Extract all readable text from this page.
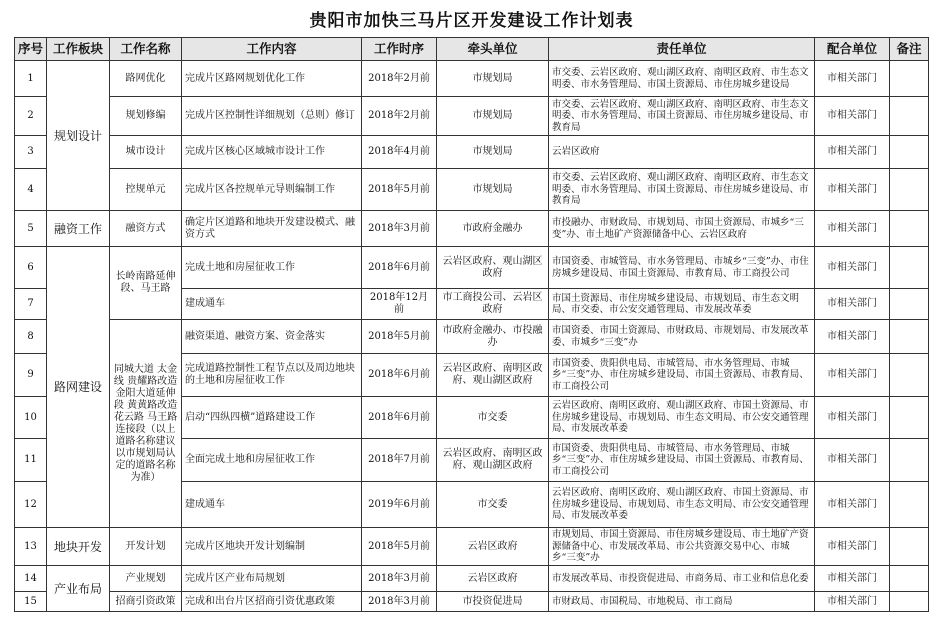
贵阳市加快三马片区开发建设工作计划表
序号	工作板块	工作名称	工作内容	工作时序	牵头单位	责任单位	配合单位	备注
1	规划设计	路网优化	完成片区路网规划优化工作	2018年2月前	市规划局	市交委、云岩区政府、观山湖区政府、南明区政府、市生态文明委、市水务管理局、市国土资源局、市住房城乡建设局	市相关部门	
2		规划修编	完成片区控制性详细规划（总则）修订	2018年2月前	市规划局	市交委、云岩区政府、观山湖区政府、南明区政府、市生态文明委、市水务管理局、市国土资源局、市住房城乡建设局、市教育局	市相关部门	
3		城市设计	完成片区核心区域城市设计工作	2018年4月前	市规划局	云岩区政府	市相关部门	
4		控规单元	完成片区各控规单元导则编制工作	2018年5月前	市规划局	市交委、云岩区政府、观山湖区政府、南明区政府、市生态文明委、市水务管理局、市国土资源局、市住房城乡建设局、市教育局	市相关部门	
5	融资工作	融资方式	确定片区道路和地块开发建设模式、融资方式	2018年3月前	市政府金融办	市投融办、市财政局、市规划局、市国土资源局、市城乡“三变”办、市土地矿产资源储备中心、云岩区政府	市相关部门	
6	路网建设	长岭南路延伸段、马王路	完成土地和房屋征收工作	2018年6月前	云岩区政府、观山湖区政府	市国资委、市城管局、市水务管理局、市城乡“三变”办、市住房城乡建设局、市国土资源局、市教育局、市工商投公司	市相关部门	
7			建成通车	2018年12月前	市工商投公司、云岩区政府	市国土资源局、市住房城乡建设局、市规划局、市生态文明局、市交委、市公安交通管理局、市发展改革委	市相关部门	
8		同城大道 太金线 贵耀路改造 金阳大道延伸段 黄黄路改造 花云路 马王路连接段（以上道路名称建议以市规划局认定的道路名称为准）	融资渠道、融资方案、资金落实	2018年5月前	市政府金融办、市投融办	市国资委、市国土资源局、市财政局、市规划局、市发展改革委、市城乡“三变”办	市相关部门	
9			完成道路控制性工程节点以及周边地块的土地和房屋征收工作	2018年6月前	云岩区政府、南明区政府、观山湖区政府	市国资委、贵阳供电局、市城管局、市水务管理局、市城乡“三变”办、市住房城乡建设局、市国土资源局、市教育局、市工商投公司	市相关部门	
10			启动“四纵四横”道路建设工作	2018年6月前	市交委	云岩区政府、南明区政府、观山湖区政府、市国土资源局、市住房城乡建设局、市规划局、市生态文明局、市公安交通管理局、市发展改革委	市相关部门	
11			全面完成土地和房屋征收工作	2018年7月前	云岩区政府、南明区政府、观山湖区政府	市国资委、贵阳供电局、市城管局、市水务管理局、市城乡“三变”办、市住房城乡建设局、市国土资源局、市教育局、市工商投公司	市相关部门	
12			建成通车	2019年6月前	市交委	云岩区政府、南明区政府、观山湖区政府、市国土资源局、市住房城乡建设局、市规划局、市生态文明局、市公安交通管理局、市发展改革委	市相关部门	
13	地块开发	开发计划	完成片区地块开发计划编制	2018年5月前	云岩区政府	市规划局、市国土资源局、市住房城乡建设局、市土地矿产资源储备中心、市发展改革局、市公共资源交易中心、市城乡“三变”办	市相关部门	
14	产业布局	产业规划	完成片区产业布局规划	2018年3月前	云岩区政府	市发展改革局、市投资促进局、市商务局、市工业和信息化委	市相关部门	
15		招商引资政策	完成和出台片区招商引资优惠政策	2018年3月前	市投资促进局	市财政局、市国税局、市地税局、市工商局	市相关部门	
